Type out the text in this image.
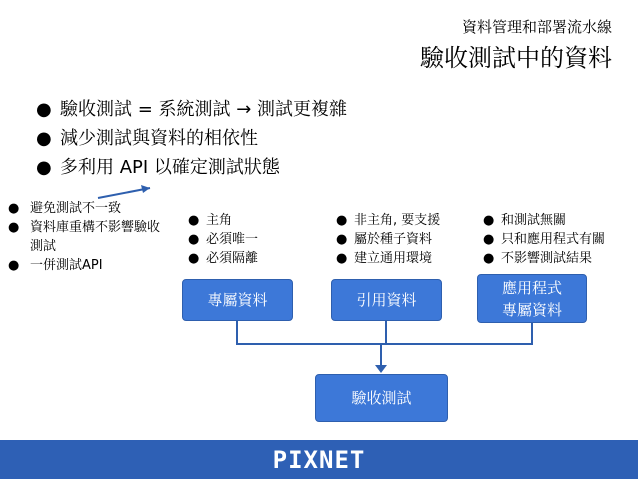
資料管理和部署流水線
驗收測試中的資料
● 驗收測試 = 系統測試 → 測試更複雜
● 減少測試與資料的相依性
● 多利用 API 以確定測試狀態
● 避免測試不一致
● 資料庫重構不影響驗收測試
● 一併測試API
● 主角
● 必須唯一
● 必須隔離
● 非主角, 要支援
● 屬於種子資料
● 建立通用環境
● 和測試無關
● 只和應用程式有關
● 不影響測試結果
專屬資料	引用資料
應用程式
專屬資料
驗收測試
PIXNET
